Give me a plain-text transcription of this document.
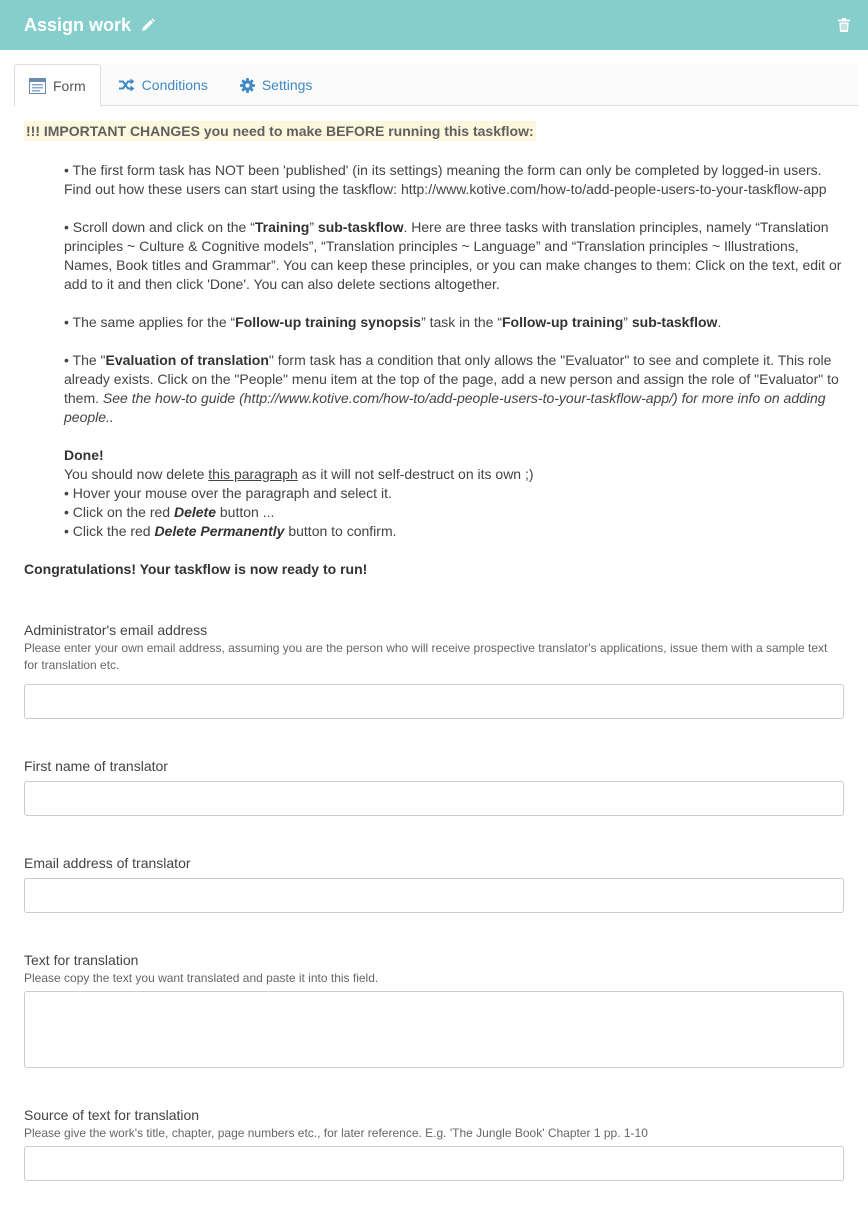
Assign work
Form	Conditions	Settings
!!! IMPORTANT CHANGES you need to make BEFORE running this taskflow:

• The first form task has NOT been 'published' (in its settings) meaning the form can only be completed by logged-in users. Find out how these users can start using the taskflow: http://www.kotive.com/how-to/add-people-users-to-your-taskflow-app

• Scroll down and click on the “Training” sub-taskflow. Here are three tasks with translation principles, namely “Translation principles ~ Culture & Cognitive models”, “Translation principles ~ Language” and “Translation principles ~ Illustrations, Names, Book titles and Grammar”. You can keep these principles, or you can make changes to them: Click on the text, edit or add to it and then click 'Done'. You can also delete sections altogether.

• The same applies for the “Follow-up training synopsis” task in the “Follow-up training” sub-taskflow.

• The "Evaluation of translation" form task has a condition that only allows the "Evaluator" to see and complete it. This role already exists. Click on the "People" menu item at the top of the page, add a new person and assign the role of "Evaluator" to them. See the how-to guide (http://www.kotive.com/how-to/add-people-users-to-your-taskflow-app/) for more info on adding people..

Done!
You should now delete this paragraph as it will not self-destruct on its own ;)
• Hover your mouse over the paragraph and select it.
• Click on the red Delete button ...
• Click the red Delete Permanently button to confirm.
Congratulations! Your taskflow is now ready to run!
Administrator's email address
Please enter your own email address, assuming you are the person who will receive prospective translator's applications, issue them with a sample text for translation etc.
First name of translator
Email address of translator
Text for translation
Please copy the text you want translated and paste it into this field.
Source of text for translation
Please give the work's title, chapter, page numbers etc., for later reference. E.g. 'The Jungle Book' Chapter 1 pp. 1-10
